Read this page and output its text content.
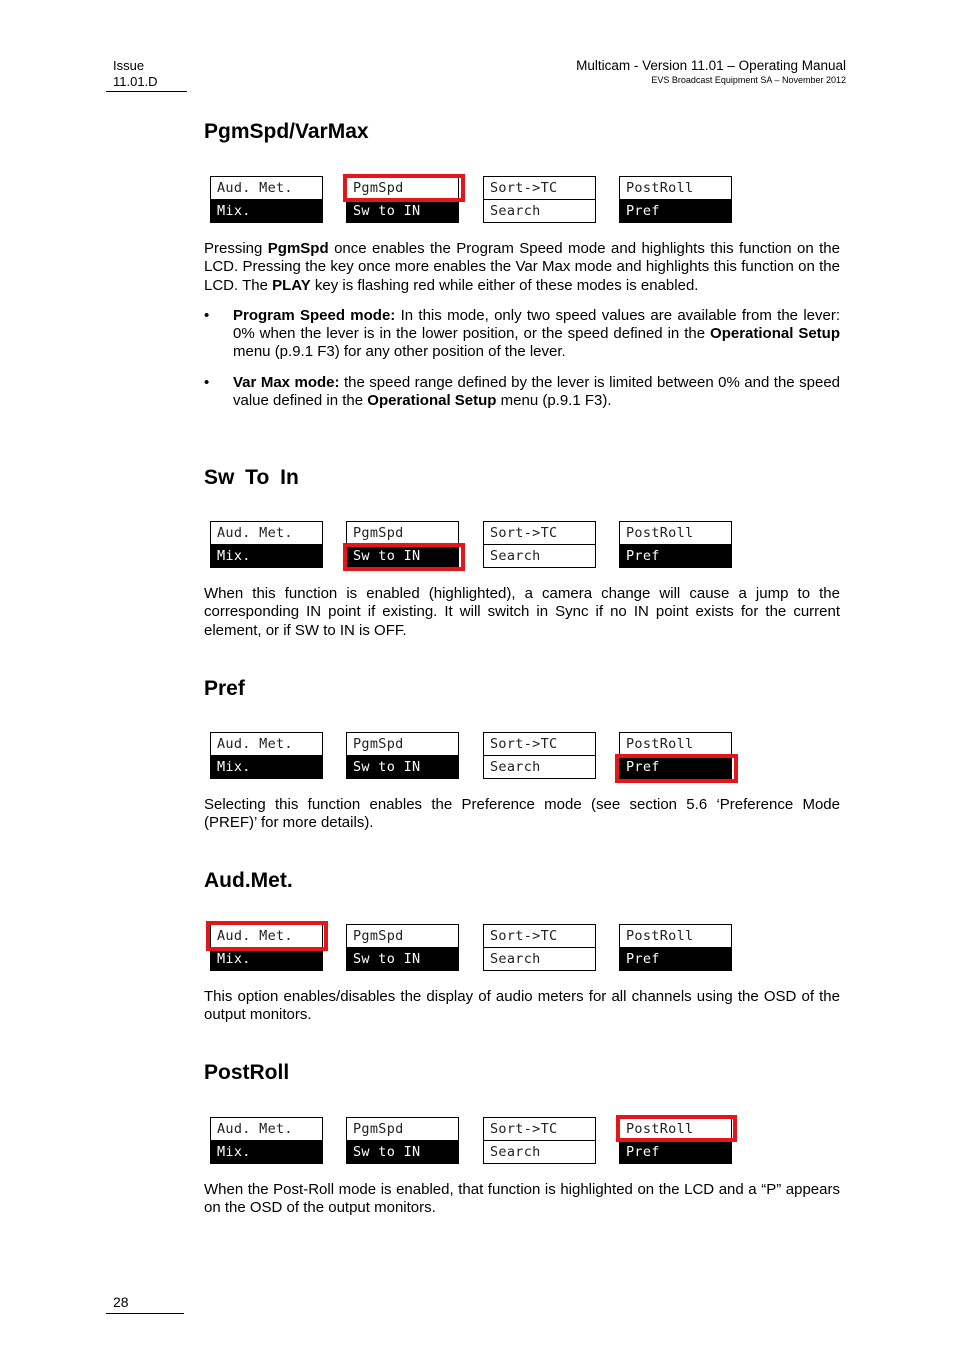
Issue
11.01.D
Multicam - Version 11.01 – Operating Manual
EVS Broadcast Equipment SA – November 2012
PgmSpd/VarMax
Aud. Met.
Mix.
PgmSpd
Sw to IN
Sort->TC
Search
PostRoll
Pref

Pressing PgmSpd once enables the Program Speed mode and highlights this function on the LCD. Pressing the key once more enables the Var Max mode and highlights this function on the LCD. The PLAY key is flashing red while either of these modes is enabled.

•	Program Speed mode: In this mode, only two speed values are available from the lever: 0% when the lever is in the lower position, or the speed defined in the Operational Setup menu (p.9.1 F3) for any other position of the lever.
•	Var Max mode: the speed range defined by the lever is limited between 0% and the speed value defined in the Operational Setup menu (p.9.1 F3).
Sw To In
Aud. Met.
Mix.
PgmSpd
Sw to IN
Sort->TC
Search
PostRoll
Pref

When this function is enabled (highlighted), a camera change will cause a jump to the corresponding IN point if existing. It will switch in Sync if no IN point exists for the current element, or if SW to IN is OFF.

Pref
Aud. Met.
Mix.
PgmSpd
Sw to IN
Sort->TC
Search
PostRoll
Pref

Selecting this function enables the Preference mode (see section 5.6 ‘Preference Mode (PREF)’ for more details).

Aud.Met.
Aud. Met.
Mix.
PgmSpd
Sw to IN
Sort->TC
Search
PostRoll
Pref

This option enables/disables the display of audio meters for all channels using the OSD of the output monitors.

PostRoll
Aud. Met.
Mix.
PgmSpd
Sw to IN
Sort->TC
Search
PostRoll
Pref

When the Post-Roll mode is enabled, that function is highlighted on the LCD and a “P” appears on the OSD of the output monitors.

28
